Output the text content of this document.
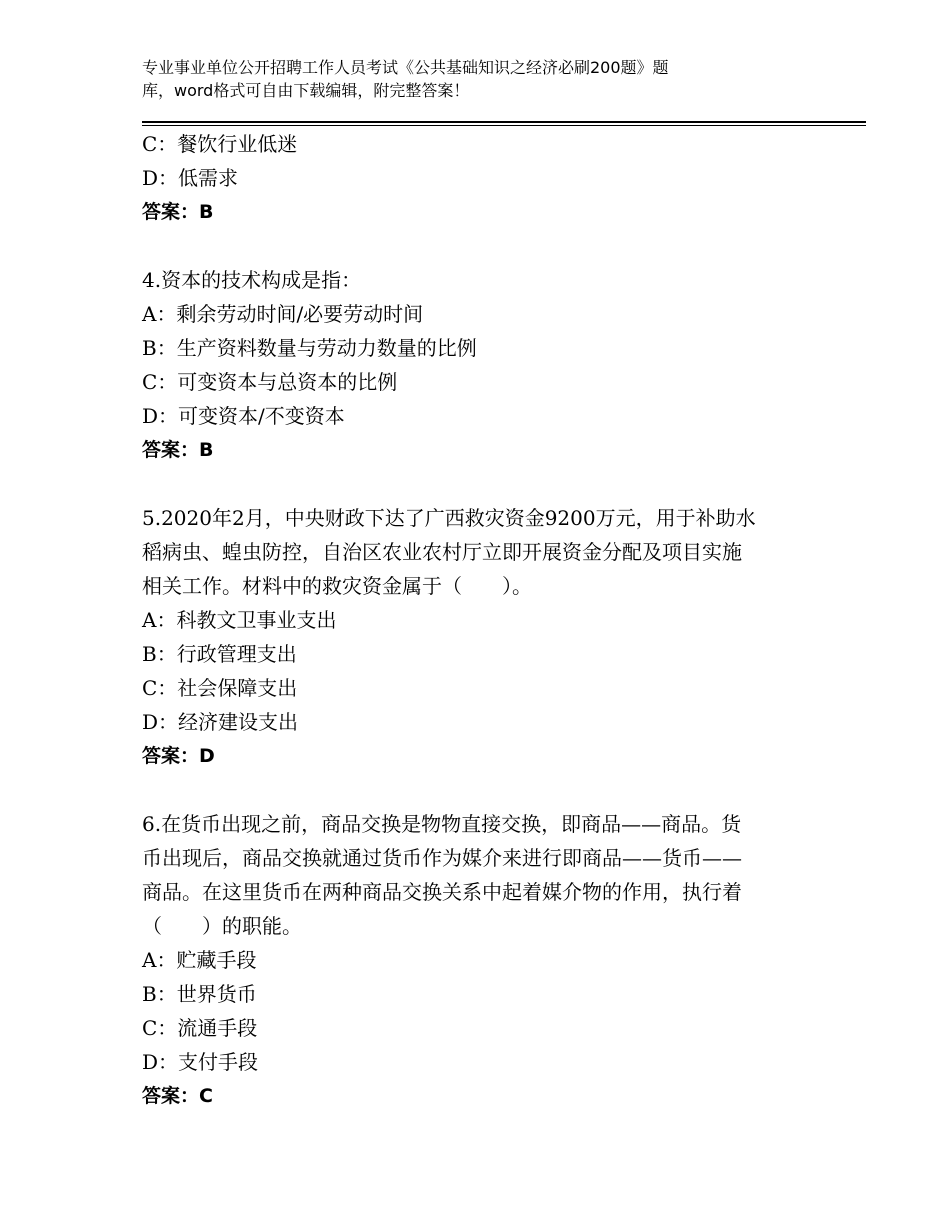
专业事业单位公开招聘工作人员考试《公共基础知识之经济必刷200题》题
库，word格式可自由下载编辑，附完整答案！
C：餐饮行业低迷
D：低需求
答案：B
4.资本的技术构成是指：
A：剩余劳动时间/必要劳动时间
B：生产资料数量与劳动力数量的比例
C：可变资本与总资本的比例
D：可变资本/不变资本
答案：B
5.2020年2月，中央财政下达了广西救灾资金9200万元，用于补助水
稻病虫、蝗虫防控，自治区农业农村厅立即开展资金分配及项目实施
相关工作。材料中的救灾资金属于（　　）。
A：科教文卫事业支出
B：行政管理支出
C：社会保障支出
D：经济建设支出
答案：D
6.在货币出现之前，商品交换是物物直接交换，即商品——商品。货
币出现后，商品交换就通过货币作为媒介来进行即商品——货币——
商品。在这里货币在两种商品交换关系中起着媒介物的作用，执行着
（　　）的职能。
A：贮藏手段
B：世界货币
C：流通手段
D：支付手段
答案：C
